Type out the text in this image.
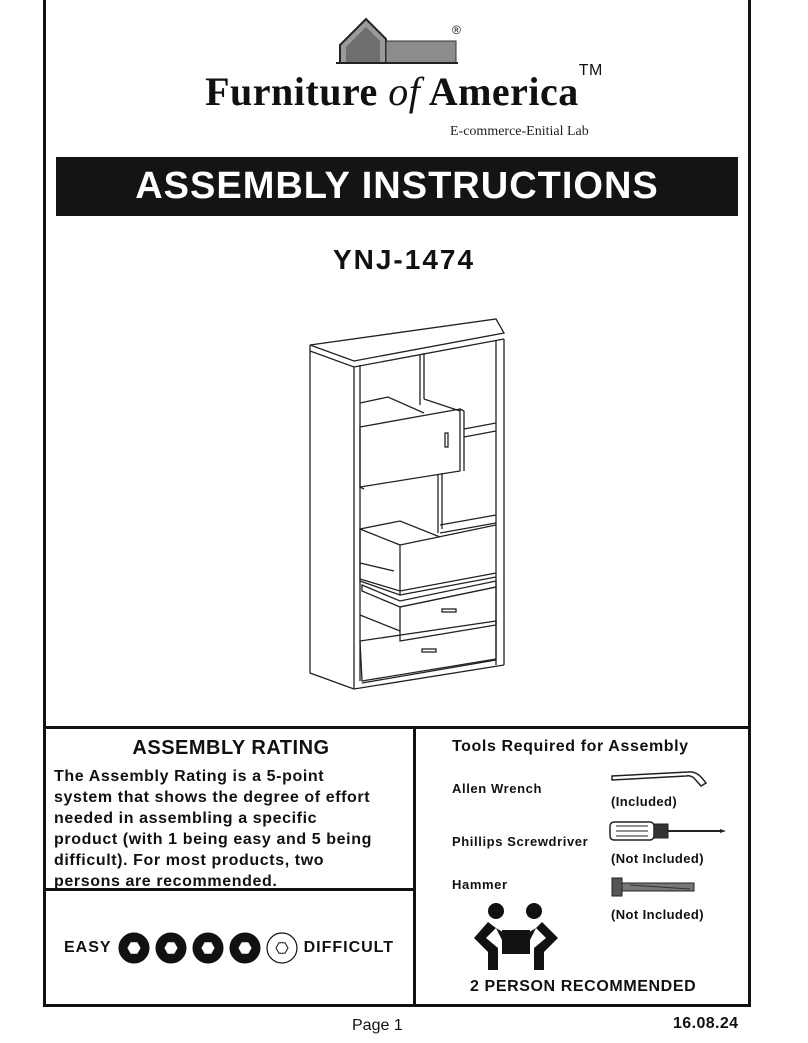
®
Furniture of America™
E-commerce-Enitial Lab
ASSEMBLY INSTRUCTIONS
YNJ-1474
ASSEMBLY RATING
The Assembly Rating is a 5-point
system that shows the degree of effort
needed in assembling a specific
product (with 1 being easy and 5 being
difficult). For most products, two
persons are recommended.
EASY	DIFFICULT
Tools Required for Assembly
Allen Wrench
(Included)
Phillips Screwdriver
(Not Included)
Hammer
(Not Included)
2 PERSON RECOMMENDED
Page 1	16.08.24
